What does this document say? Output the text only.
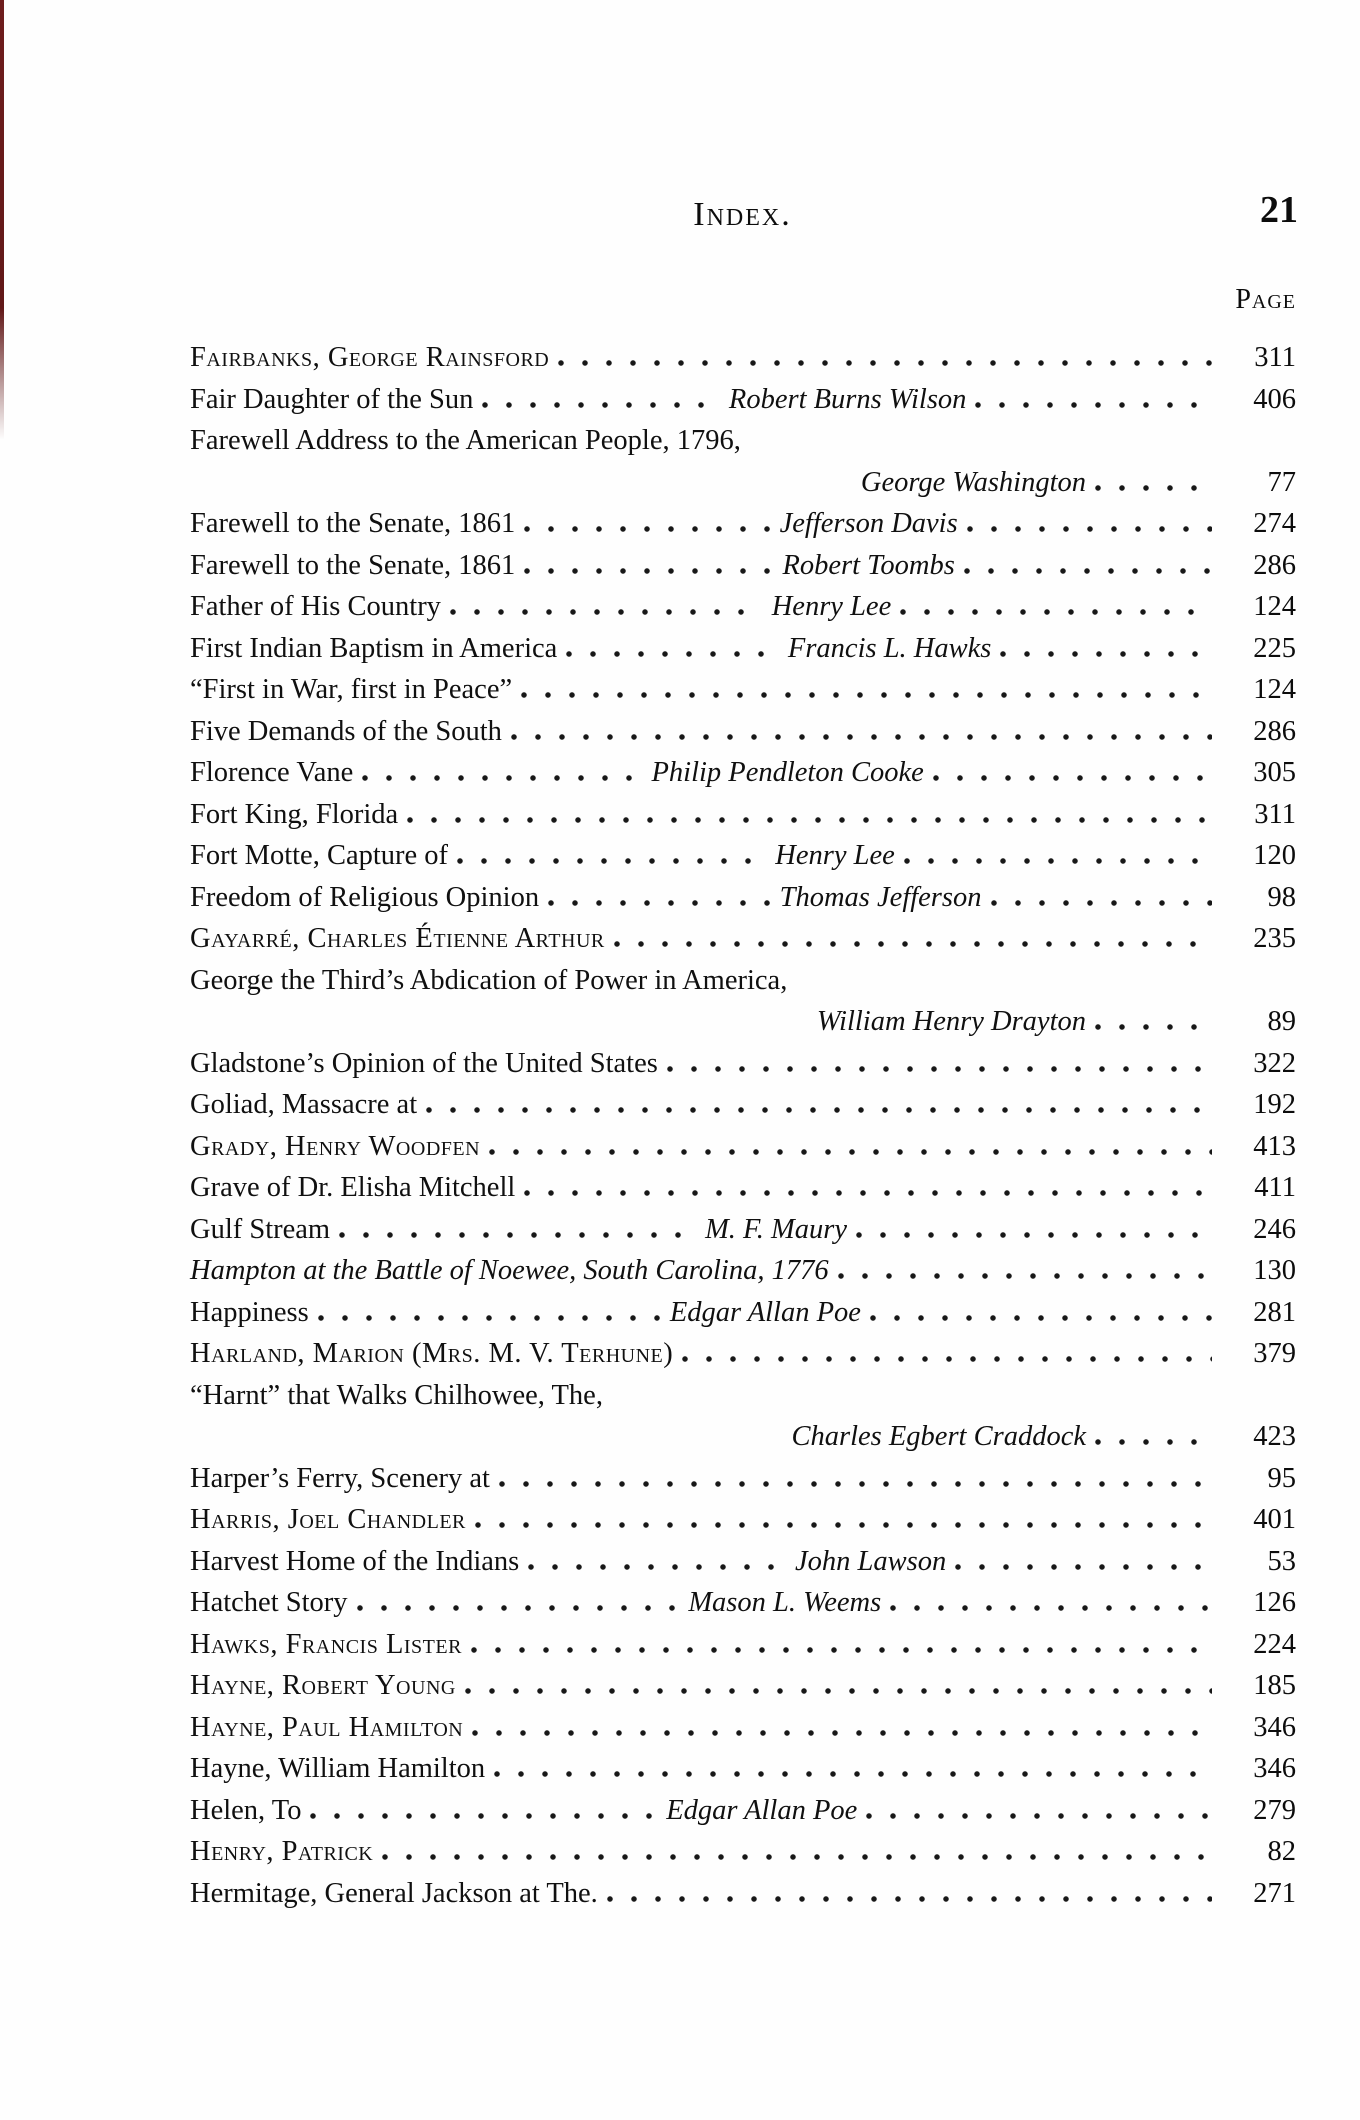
Index.	21
Page
Fairbanks, George Rainsford	311
Fair Daughter of the Sun	Robert Burns Wilson	406
Farewell Address to the American People, 1796,
George Washington	77
Farewell to the Senate, 1861	Jefferson Davis	274
Farewell to the Senate, 1861	Robert Toombs	286
Father of His Country	Henry Lee	124
First Indian Baptism in America	Francis L. Hawks	225
“First in War, first in Peace”	124
Five Demands of the South	286
Florence Vane	Philip Pendleton Cooke	305
Fort King, Florida	311
Fort Motte, Capture of	Henry Lee	120
Freedom of Religious Opinion	Thomas Jefferson	98
Gayarré, Charles Étienne Arthur	235
George the Third’s Abdication of Power in America,
William Henry Drayton	89
Gladstone’s Opinion of the United States	322
Goliad, Massacre at	192
Grady, Henry Woodfen	413
Grave of Dr. Elisha Mitchell	411
Gulf Stream	M. F. Maury	246
Hampton at the Battle of Noewee, South Carolina, 1776	130
Happiness	Edgar Allan Poe	281
Harland, Marion (Mrs. M. V. Terhune)	379
“Harnt” that Walks Chilhowee, The,
Charles Egbert Craddock	423
Harper’s Ferry, Scenery at	95
Harris, Joel Chandler	401
Harvest Home of the Indians	John Lawson	53
Hatchet Story	Mason L. Weems	126
Hawks, Francis Lister	224
Hayne, Robert Young	185
Hayne, Paul Hamilton	346
Hayne, William Hamilton	346
Helen, To	Edgar Allan Poe	279
Henry, Patrick	82
Hermitage, General Jackson at The.	271
